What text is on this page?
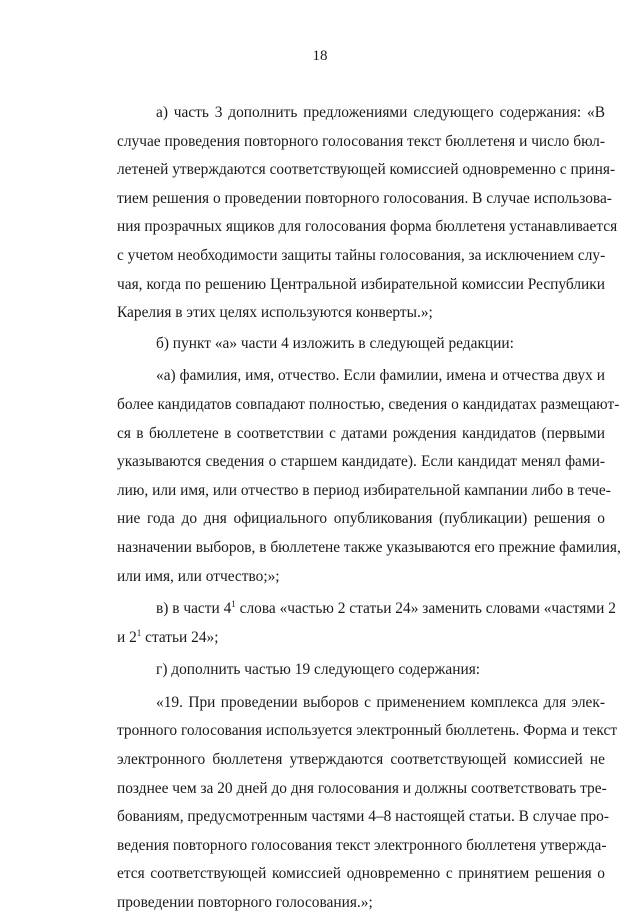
18
а) часть 3 дополнить предложениями следующего содержания: «В
случае проведения повторного голосования текст бюллетеня и число бюл-
летеней утверждаются соответствующей комиссией одновременно с приня-
тием решения о проведении повторного голосования. В случае использова-
ния прозрачных ящиков для голосования форма бюллетеня устанавливается
с учетом необходимости защиты тайны голосования, за исключением слу-
чая, когда по решению Центральной избирательной комиссии Республики
Карелия в этих целях используются конверты.»;
б) пункт «а» части 4 изложить в следующей редакции:
«а) фамилия, имя, отчество. Если фамилии, имена и отчества двух и
более кандидатов совпадают полностью, сведения о кандидатах размещают-
ся в бюллетене в соответствии с датами рождения кандидатов (первыми
указываются сведения о старшем кандидате). Если кандидат менял фами-
лию, или имя, или отчество в период избирательной кампании либо в тече-
ние года до дня официального опубликования (публикации) решения о
назначении выборов, в бюллетене также указываются его прежние фамилия,
или имя, или отчество;»;
в) в части $4^1$ слова «частью 2 статьи 24» заменить словами «частями 2
и $2^1$ статьи 24»;
г) дополнить частью 19 следующего содержания:
«19. При проведении выборов с применением комплекса для элек-
тронного голосования используется электронный бюллетень. Форма и текст
электронного бюллетеня утверждаются соответствующей комиссией не
позднее чем за 20 дней до дня голосования и должны соответствовать тре-
бованиям, предусмотренным частями 4–8 настоящей статьи. В случае про-
ведения повторного голосования текст электронного бюллетеня утвержда-
ется соответствующей комиссией одновременно с принятием решения о
проведении повторного голосования.»;
